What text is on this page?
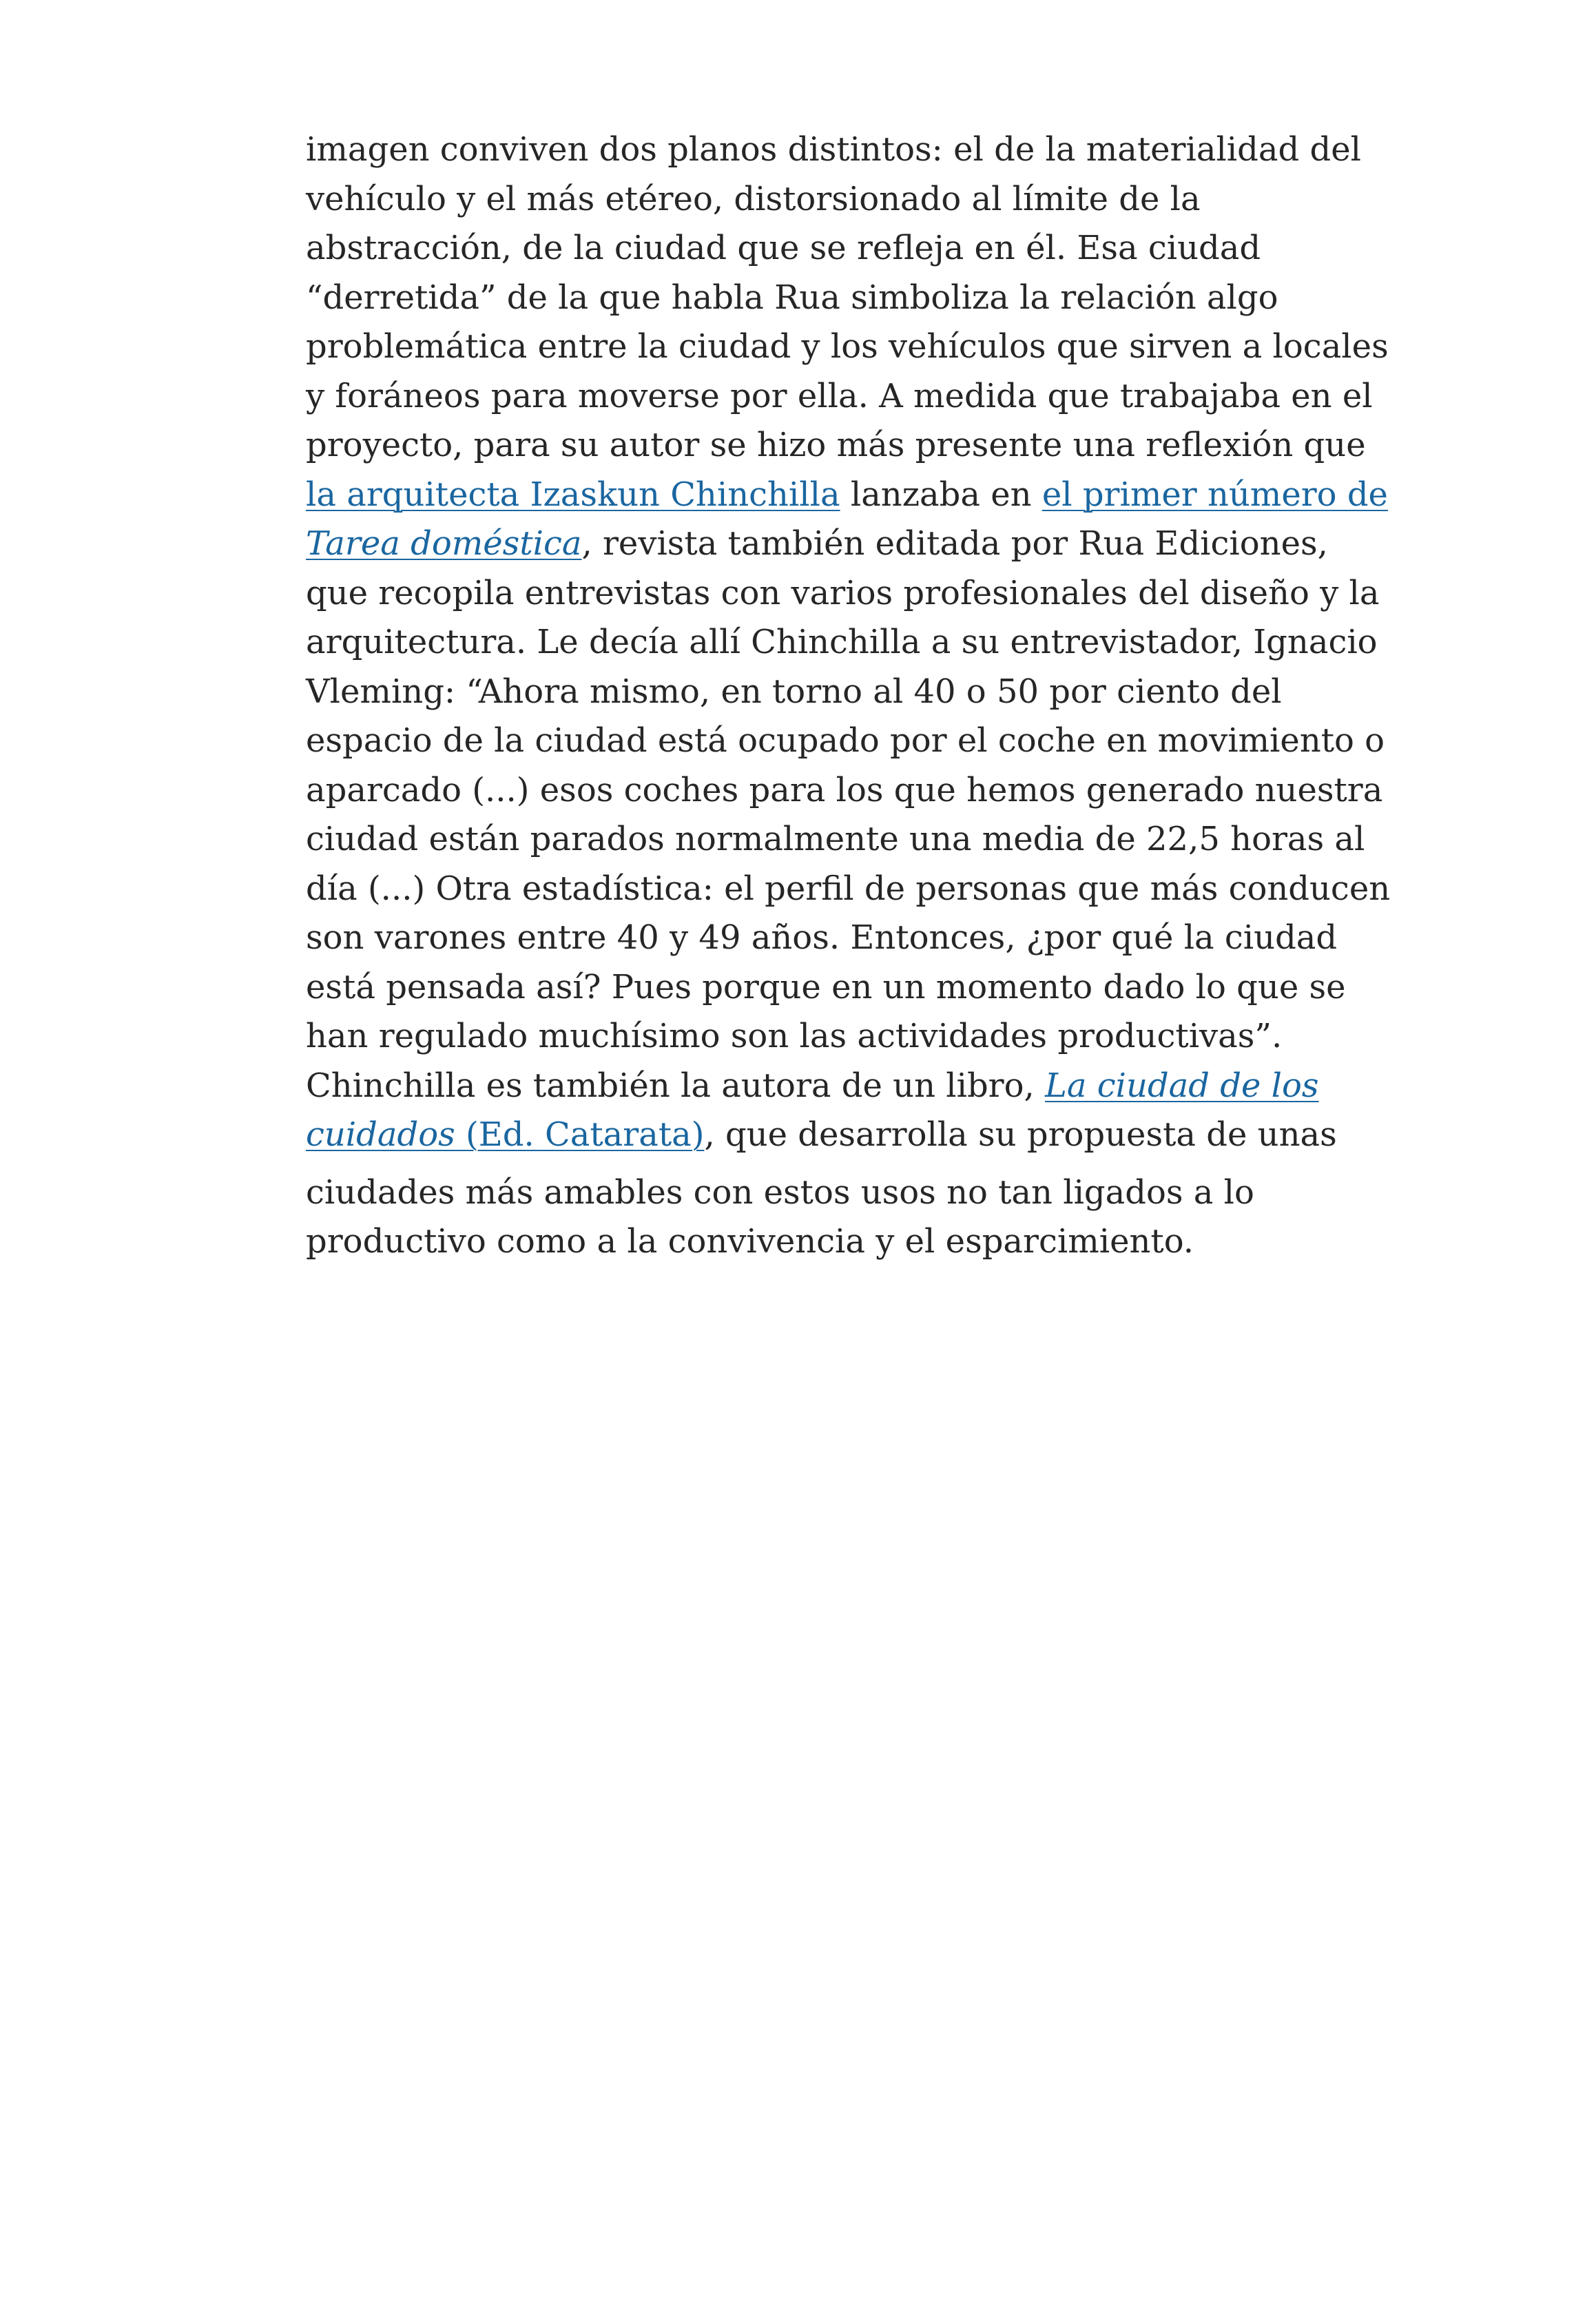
imagen conviven dos planos distintos: el de la materialidad del
vehículo y el más etéreo, distorsionado al límite de la
abstracción, de la ciudad que se refleja en él. Esa ciudad
“derretida” de la que habla Rua simboliza la relación algo
problemática entre la ciudad y los vehículos que sirven a locales
y foráneos para moverse por ella. A medida que trabajaba en el
proyecto, para su autor se hizo más presente una reflexión que
la arquitecta Izaskun Chinchilla lanzaba en el primer número de
Tarea doméstica, revista también editada por Rua Ediciones,
que recopila entrevistas con varios profesionales del diseño y la
arquitectura. Le decía allí Chinchilla a su entrevistador, Ignacio
Vleming: “Ahora mismo, en torno al 40 o 50 por ciento del
espacio de la ciudad está ocupado por el coche en movimiento o
aparcado (...) esos coches para los que hemos generado nuestra
ciudad están parados normalmente una media de 22,5 horas al
día (...) Otra estadística: el perfil de personas que más conducen
son varones entre 40 y 49 años. Entonces, ¿por qué la ciudad
está pensada así? Pues porque en un momento dado lo que se
han regulado muchísimo son las actividades productivas”.
Chinchilla es también la autora de un libro, La ciudad de los
cuidados (Ed. Catarata), que desarrolla su propuesta de unas

ciudades más amables con estos usos no tan ligados a lo
productivo como a la convivencia y el esparcimiento.
